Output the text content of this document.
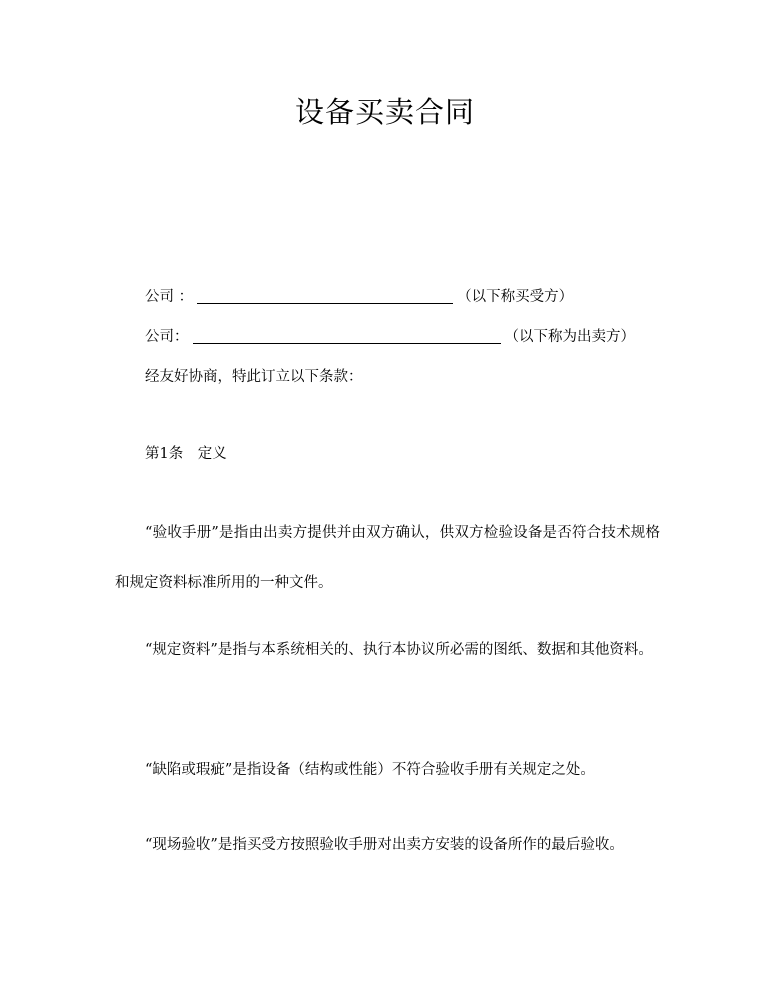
设备买卖合同
公司 ：	（以下称买受方）
公司：	（以下称为出卖方）
经友好协商，特此订立以下条款：
第1条　定义

“验收手册”是指由出卖方提供并由双方确认，供双方检验设备是否符合技术规格和规定资料标准所用的一种文件。

“规定资料”是指与本系统相关的、执行本协议所必需的图纸、数据和其他资料。

“缺陷或瑕疵”是指设备（结构或性能）不符合验收手册有关规定之处。

“现场验收”是指买受方按照验收手册对出卖方安装的设备所作的最后验收。
